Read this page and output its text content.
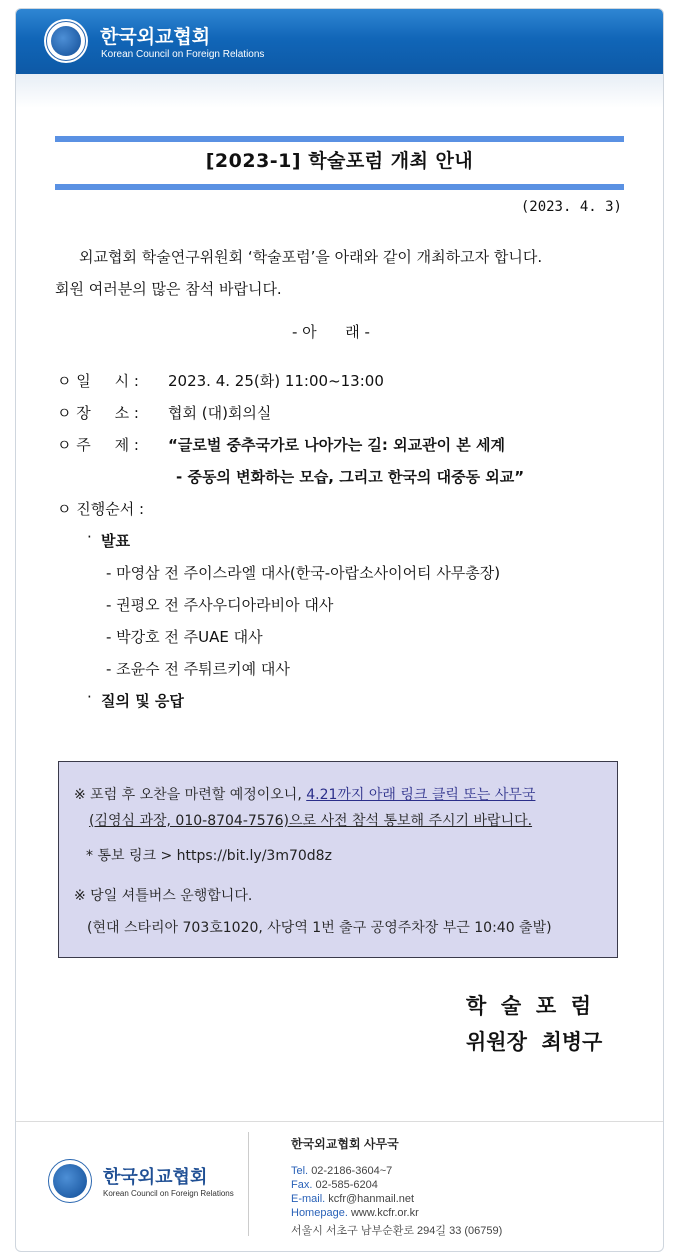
한국외교협회
Korean Council on Foreign Relations
[2023-1] 학술포럼 개최 안내
(2023. 4. 3)
외교협회 학술연구위원회 ‘학술포럼’을 아래와 같이 개최하고자 합니다.
회원 여러분의 많은 참석 바랍니다.
- 아      래 -
ㅇ 일     시 : 2023. 4. 25(화) 11:00~13:00
ㅇ 장     소 : 협회 (대)회의실
ㅇ 주     제 : “글로벌 중추국가로 나아가는 길: 외교관이 본 세계
- 중동의 변화하는 모습, 그리고 한국의 대중동 외교”
ㅇ 진행순서 :
· 발표
- 마영삼 전 주이스라엘 대사(한국-아랍소사이어티 사무총장)
- 권평오 전 주사우디아라비아 대사
- 박강호 전 주UAE 대사
- 조윤수 전 주튀르키예 대사
· 질의 및 응답
※ 포럼 후 오찬을 마련할 예정이오니, 4.21까지 아래 링크 클릭 또는 사무국
(김영심 과장, 010-8704-7576)으로 사전 참석 통보해 주시기 바랍니다.
* 통보 링크 > https://bit.ly/3m70d8z
※ 당일 셔틀버스 운행합니다.
(현대 스타리아 703호1020, 사당역 1번 출구 공영주차장 부근 10:40 출발)
학  술  포  럼
위원장  최병구
한국외교협회
Korean Council on Foreign Relations
한국외교협회 사무국
Tel. 02-2186-3604~7
Fax. 02-585-6204
E-mail. kcfr@hanmail.net
Homepage. www.kcfr.or.kr
서울시 서초구 남부순환로 294길 33 (06759)
